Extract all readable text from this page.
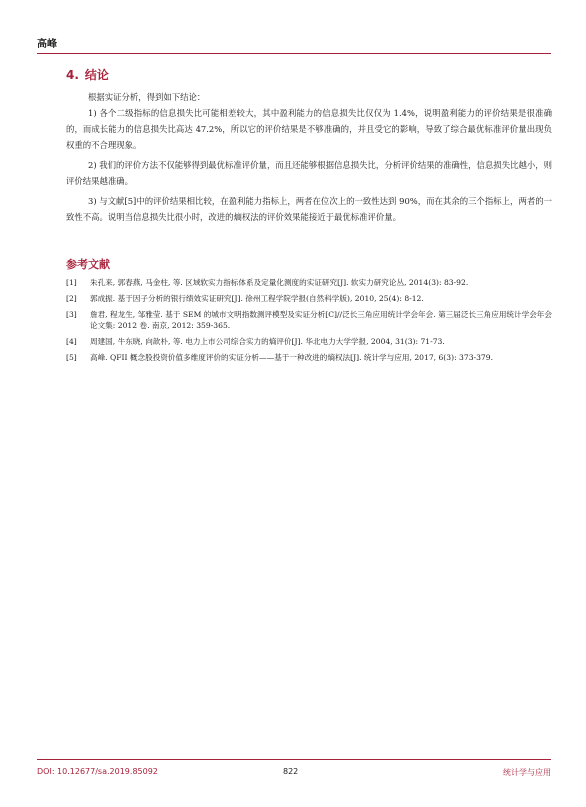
高峰
4. 结论
根据实证分析，得到如下结论：
1) 各个二级指标的信息损失比可能相差较大，其中盈利能力的信息损失比仅仅为 1.4%，说明盈利能力的评价结果是很准确的，而成长能力的信息损失比高达 47.2%，所以它的评价结果是不够准确的，并且受它的影响，导致了综合最优标准评价量出现负权重的不合理现象。
2) 我们的评价方法不仅能够得到最优标准评价量，而且还能够根据信息损失比，分析评价结果的准确性，信息损失比越小，则评价结果越准确。
3) 与文献[5]中的评价结果相比较，在盈利能力指标上，两者在位次上的一致性达到 90%，而在其余的三个指标上，两者的一致性不高。说明当信息损失比很小时，改进的熵权法的评价效果能接近于最优标准评价量。
参考文献
[1] 朱孔来, 郭春燕, 马金柱, 等. 区域软实力指标体系及定量化测度的实证研究[J]. 软实力研究论丛, 2014(3): 83-92.
[2] 郭成振. 基于因子分析的银行绩效实证研究[J]. 徐州工程学院学报(自然科学版), 2010, 25(4): 8-12.
[3] 詹君, 程龙生, 邹雅莹. 基于 SEM 的城市文明指数测评模型及实证分析[C]//泛长三角应用统计学会年会. 第三届泛长三角应用统计学会年会论文集: 2012 卷. 南京, 2012: 359-365.
[4] 周建国, 牛东晓, 向歆朴, 等. 电力上市公司综合实力的熵评价[J]. 华北电力大学学报, 2004, 31(3): 71-73.
[5] 高峰. QFII 概念股投资价值多维度评价的实证分析——基于一种改进的熵权法[J]. 统计学与应用, 2017, 6(3): 373-379.
DOI: 10.12677/sa.2019.85092	822	统计学与应用
